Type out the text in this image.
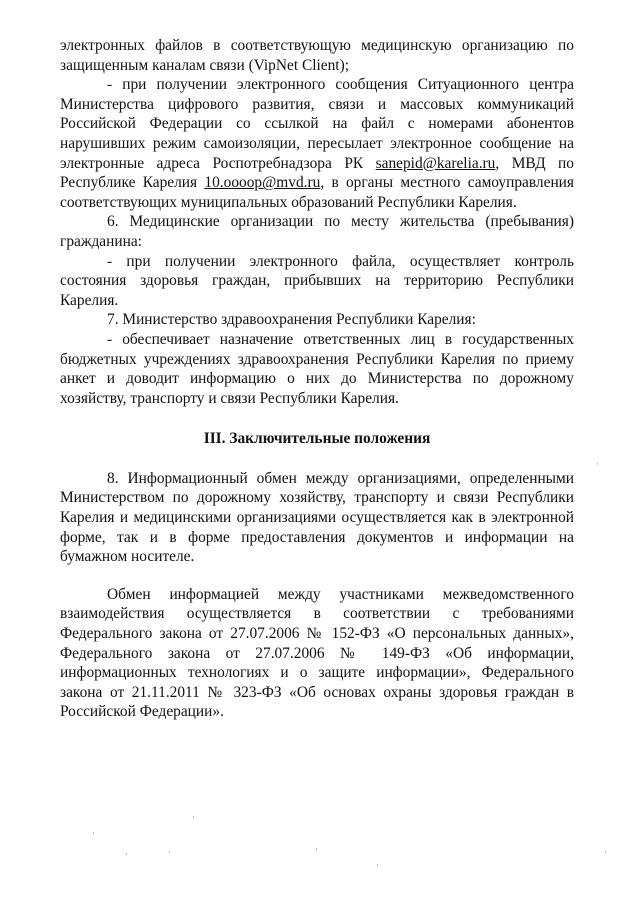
электронных файлов в соответствующую медицинскую организацию по защищенным каналам связи (VipNet Client);

- при получении электронного сообщения Ситуационного центра Министерства цифрового развития, связи и массовых коммуникаций Российской Федерации со ссылкой на файл с номерами абонентов нарушивших режим самоизоляции, пересылает электронное сообщение на электронные адреса Роспотребнадзора РК sanepid@karelia.ru, МВД по Республике Карелия 10.oooop@mvd.ru, в органы местного самоуправления соответствующих муниципальных образований Республики Карелия.

6. Медицинские организации по месту жительства (пребывания) гражданина:

- при получении электронного файла, осуществляет контроль состояния здоровья граждан, прибывших на территорию Республики Карелия.

7. Министерство здравоохранения Республики Карелия:

- обеспечивает назначение ответственных лиц в государственных бюджетных учреждениях здравоохранения Республики Карелия по приему анкет и доводит информацию о них до Министерства по дорожному хозяйству, транспорту и связи Республики Карелия.

III. Заключительные положения

8. Информационный обмен между организациями, определенными Министерством по дорожному хозяйству, транспорту и связи Республики Карелия и медицинскими организациями осуществляется как в электронной форме, так и в форме предоставления документов и информации на бумажном носителе.

Обмен информацией между участниками межведомственного взаимодействия осуществляется в соответствии с требованиями Федерального закона от 27.07.2006 № 152-ФЗ «О персональных данных», Федерального закона от 27.07.2006 № 149-ФЗ «Об информации, информационных технологиях и о защите информации», Федерального закона от 21.11.2011 № 323-ФЗ «Об основах охраны здоровья граждан в Российской Федерации».

·
·
·	·	·
·
·
·
